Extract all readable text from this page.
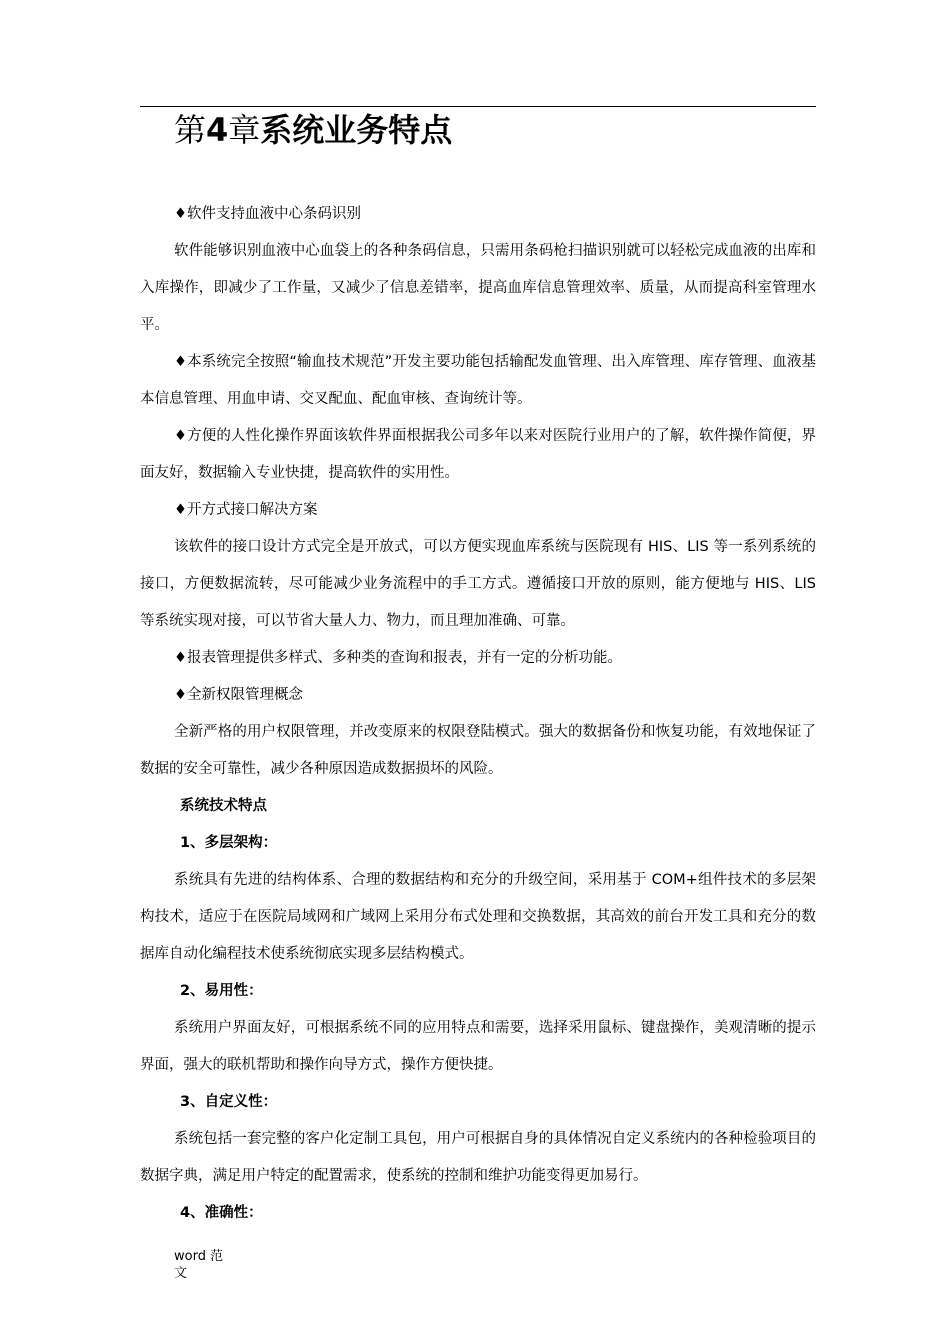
第4章系统业务特点

♦软件支持血液中心条码识别

软件能够识别血液中心血袋上的各种条码信息，只需用条码枪扫描识别就可以轻松完成血液的出库和入库操作，即减少了工作量，又减少了信息差错率，提高血库信息管理效率、质量，从而提高科室管理水平。

♦本系统完全按照“输血技术规范”开发主要功能包括输配发血管理、出入库管理、库存管理、血液基本信息管理、用血申请、交叉配血、配血审核、查询统计等。

♦方便的人性化操作界面该软件界面根据我公司多年以来对医院行业用户的了解，软件操作简便，界面友好，数据输入专业快捷，提高软件的实用性。

♦开方式接口解决方案

该软件的接口设计方式完全是开放式，可以方便实现血库系统与医院现有 HIS、LIS 等一系列系统的接口，方便数据流转，尽可能减少业务流程中的手工方式。遵循接口开放的原则，能方便地与 HIS、LIS 等系统实现对接，可以节省大量人力、物力，而且理加准确、可靠。

♦报表管理提供多样式、多种类的查询和报表，并有一定的分析功能。

♦全新权限管理概念

全新严格的用户权限管理，并改变原来的权限登陆模式。强大的数据备份和恢复功能，有效地保证了数据的安全可靠性，减少各种原因造成数据损坏的风险。

系统技术特点

1、多层架构：

系统具有先进的结构体系、合理的数据结构和充分的升级空间，采用基于 COM+组件技术的多层架构技术，适应于在医院局域网和广域网上采用分布式处理和交换数据，其高效的前台开发工具和充分的数据库自动化编程技术使系统彻底实现多层结构模式。

2、易用性：

系统用户界面友好，可根据系统不同的应用特点和需要，选择采用鼠标、键盘操作，美观清晰的提示界面，强大的联机帮助和操作向导方式，操作方便快捷。

3、自定义性：

系统包括一套完整的客户化定制工具包，用户可根据自身的具体情况自定义系统内的各种检验项目的数据字典，满足用户特定的配置需求，使系统的控制和维护功能变得更加易行。

4、准确性：

word 范文
